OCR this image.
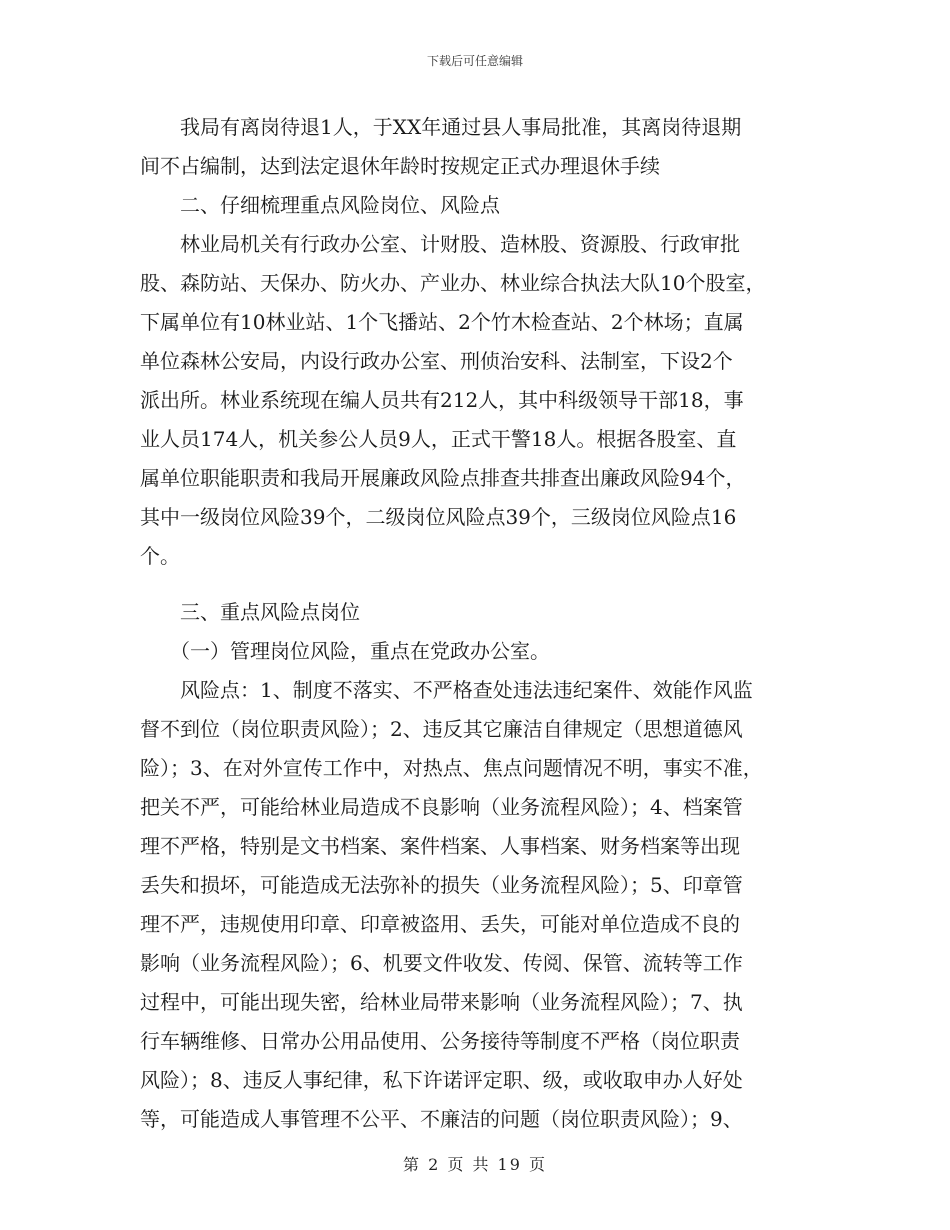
下载后可任意编辑
　　我局有离岗待退1人，于XX年通过县人事局批准，其离岗待退期
间不占编制，达到法定退休年龄时按规定正式办理退休手续
　　二、仔细梳理重点风险岗位、风险点
　　林业局机关有行政办公室、计财股、造林股、资源股、行政审批
股、森防站、天保办、防火办、产业办、林业综合执法大队10个股室，
下属单位有10林业站、1个飞播站、2个竹木检查站、2个林场；直属
单位森林公安局，内设行政办公室、刑侦治安科、法制室，下设2个
派出所。林业系统现在编人员共有212人，其中科级领导干部18，事
业人员174人，机关参公人员9人，正式干警18人。根据各股室、直
属单位职能职责和我局开展廉政风险点排查共排查出廉政风险94个，
其中一级岗位风险39个，二级岗位风险点39个，三级岗位风险点16
个。
　　三、重点风险点岗位
　　（一）管理岗位风险，重点在党政办公室。
　　风险点：1、制度不落实、不严格查处违法违纪案件、效能作风监
督不到位（岗位职责风险）；2、违反其它廉洁自律规定（思想道德风
险）；3、在对外宣传工作中，对热点、焦点问题情况不明，事实不准，
把关不严，可能给林业局造成不良影响（业务流程风险）；4、档案管
理不严格，特别是文书档案、案件档案、人事档案、财务档案等出现
丢失和损坏，可能造成无法弥补的损失（业务流程风险）；5、印章管
理不严，违规使用印章、印章被盗用、丢失，可能对单位造成不良的
影响（业务流程风险）；6、机要文件收发、传阅、保管、流转等工作
过程中，可能出现失密，给林业局带来影响（业务流程风险）；7、执
行车辆维修、日常办公用品使用、公务接待等制度不严格（岗位职责
风险）；8、违反人事纪律，私下许诺评定职、级，或收取申办人好处
等，可能造成人事管理不公平、不廉洁的问题（岗位职责风险）；9、
第 2 页 共 19 页
